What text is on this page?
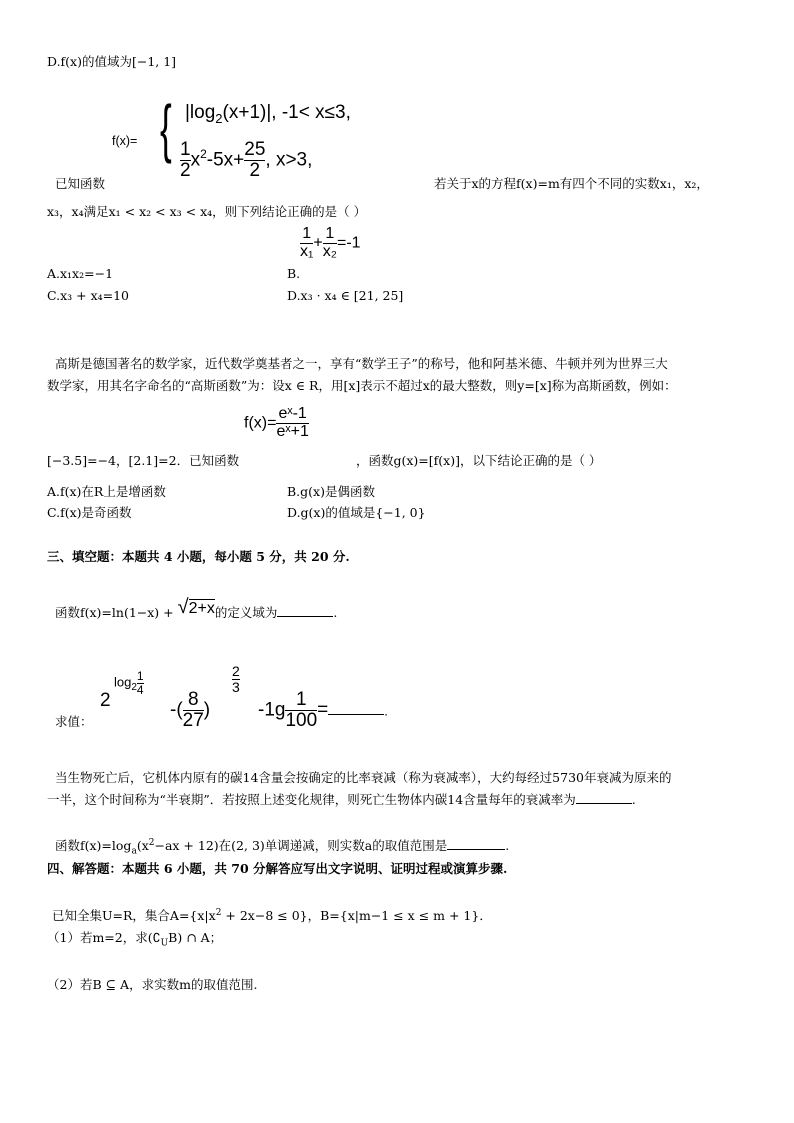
D.f(x)的值域为[−1, 1]
f(x)= { $|\log_2(x+1)|$, -1< x≤3,
$\frac{1}{2} x^2-5x+ \frac{25}{2}$ , x>3,
已知函数	若关于x的方程f(x)=m有四个不同的实数x₁，x₂，
x₃，x₄满足x₁ < x₂ < x₃ < x₄，则下列结论正确的是（ ）
A.x₁x₂=−1	B.
$\frac{1}{\text{x₁}} + \frac{1}{\text{x₂}} =-1$
C.x₃ + x₄=10	D.x₃ · x₄ ∈ [21, 25]
高斯是德国著名的数学家，近代数学奠基者之一，享有“数学王子”的称号，他和阿基米德、牛顿并列为世界三大
数学家，用其名字命名的“高斯函数”为：设x ∈ R，用[x]表示不超过x的最大整数，则y=[x]称为高斯函数，例如：
$f(x)= \frac{\text{eˣ-1}}{\text{eˣ+1}}$
[−3.5]=−4，[2.1]=2．已知函数	，函数g(x)=[f(x)]，以下结论正确的是（ ）
A.f(x)在R上是增函数	B.g(x)是偶函数
C.f(x)是奇函数	D.g(x)的值域是{−1, 0}
三、填空题：本题共 4 小题，每小题 5 分，共 20 分.
函数f(x)=ln(1−x) + √2+x的定义域为	.
求值：
2
$\log_2 \frac{1}{4}$
-( $\frac{8}{27}$ )
$\frac{2}{3}$
$-1g \frac{1}{100}$ =	.
当生物死亡后，它机体内原有的碳14含量会按确定的比率衰减（称为衰减率），大约每经过5730年衰减为原来的
一半，这个时间称为“半衰期”．若按照上述变化规律，则死亡生物体内碳14含量每年的衰减率为	.
函数$f(x)=\log_a(x^2-ax + 12)$在(2, 3)单调递减，则实数a的取值范围是	.
四、解答题：本题共 6 小题，共 70 分解答应写出文字说明、证明过程或演算步骤.
已知全集U=R，集合$A=\{x|x^2 + 2x-8 \le 0\}$，B={x|m−1 ≤ x ≤ m + 1}．
（1）若m=2，求$(∁_UB)$ ∩ A；
（2）若B ⊆ A，求实数m的取值范围.
